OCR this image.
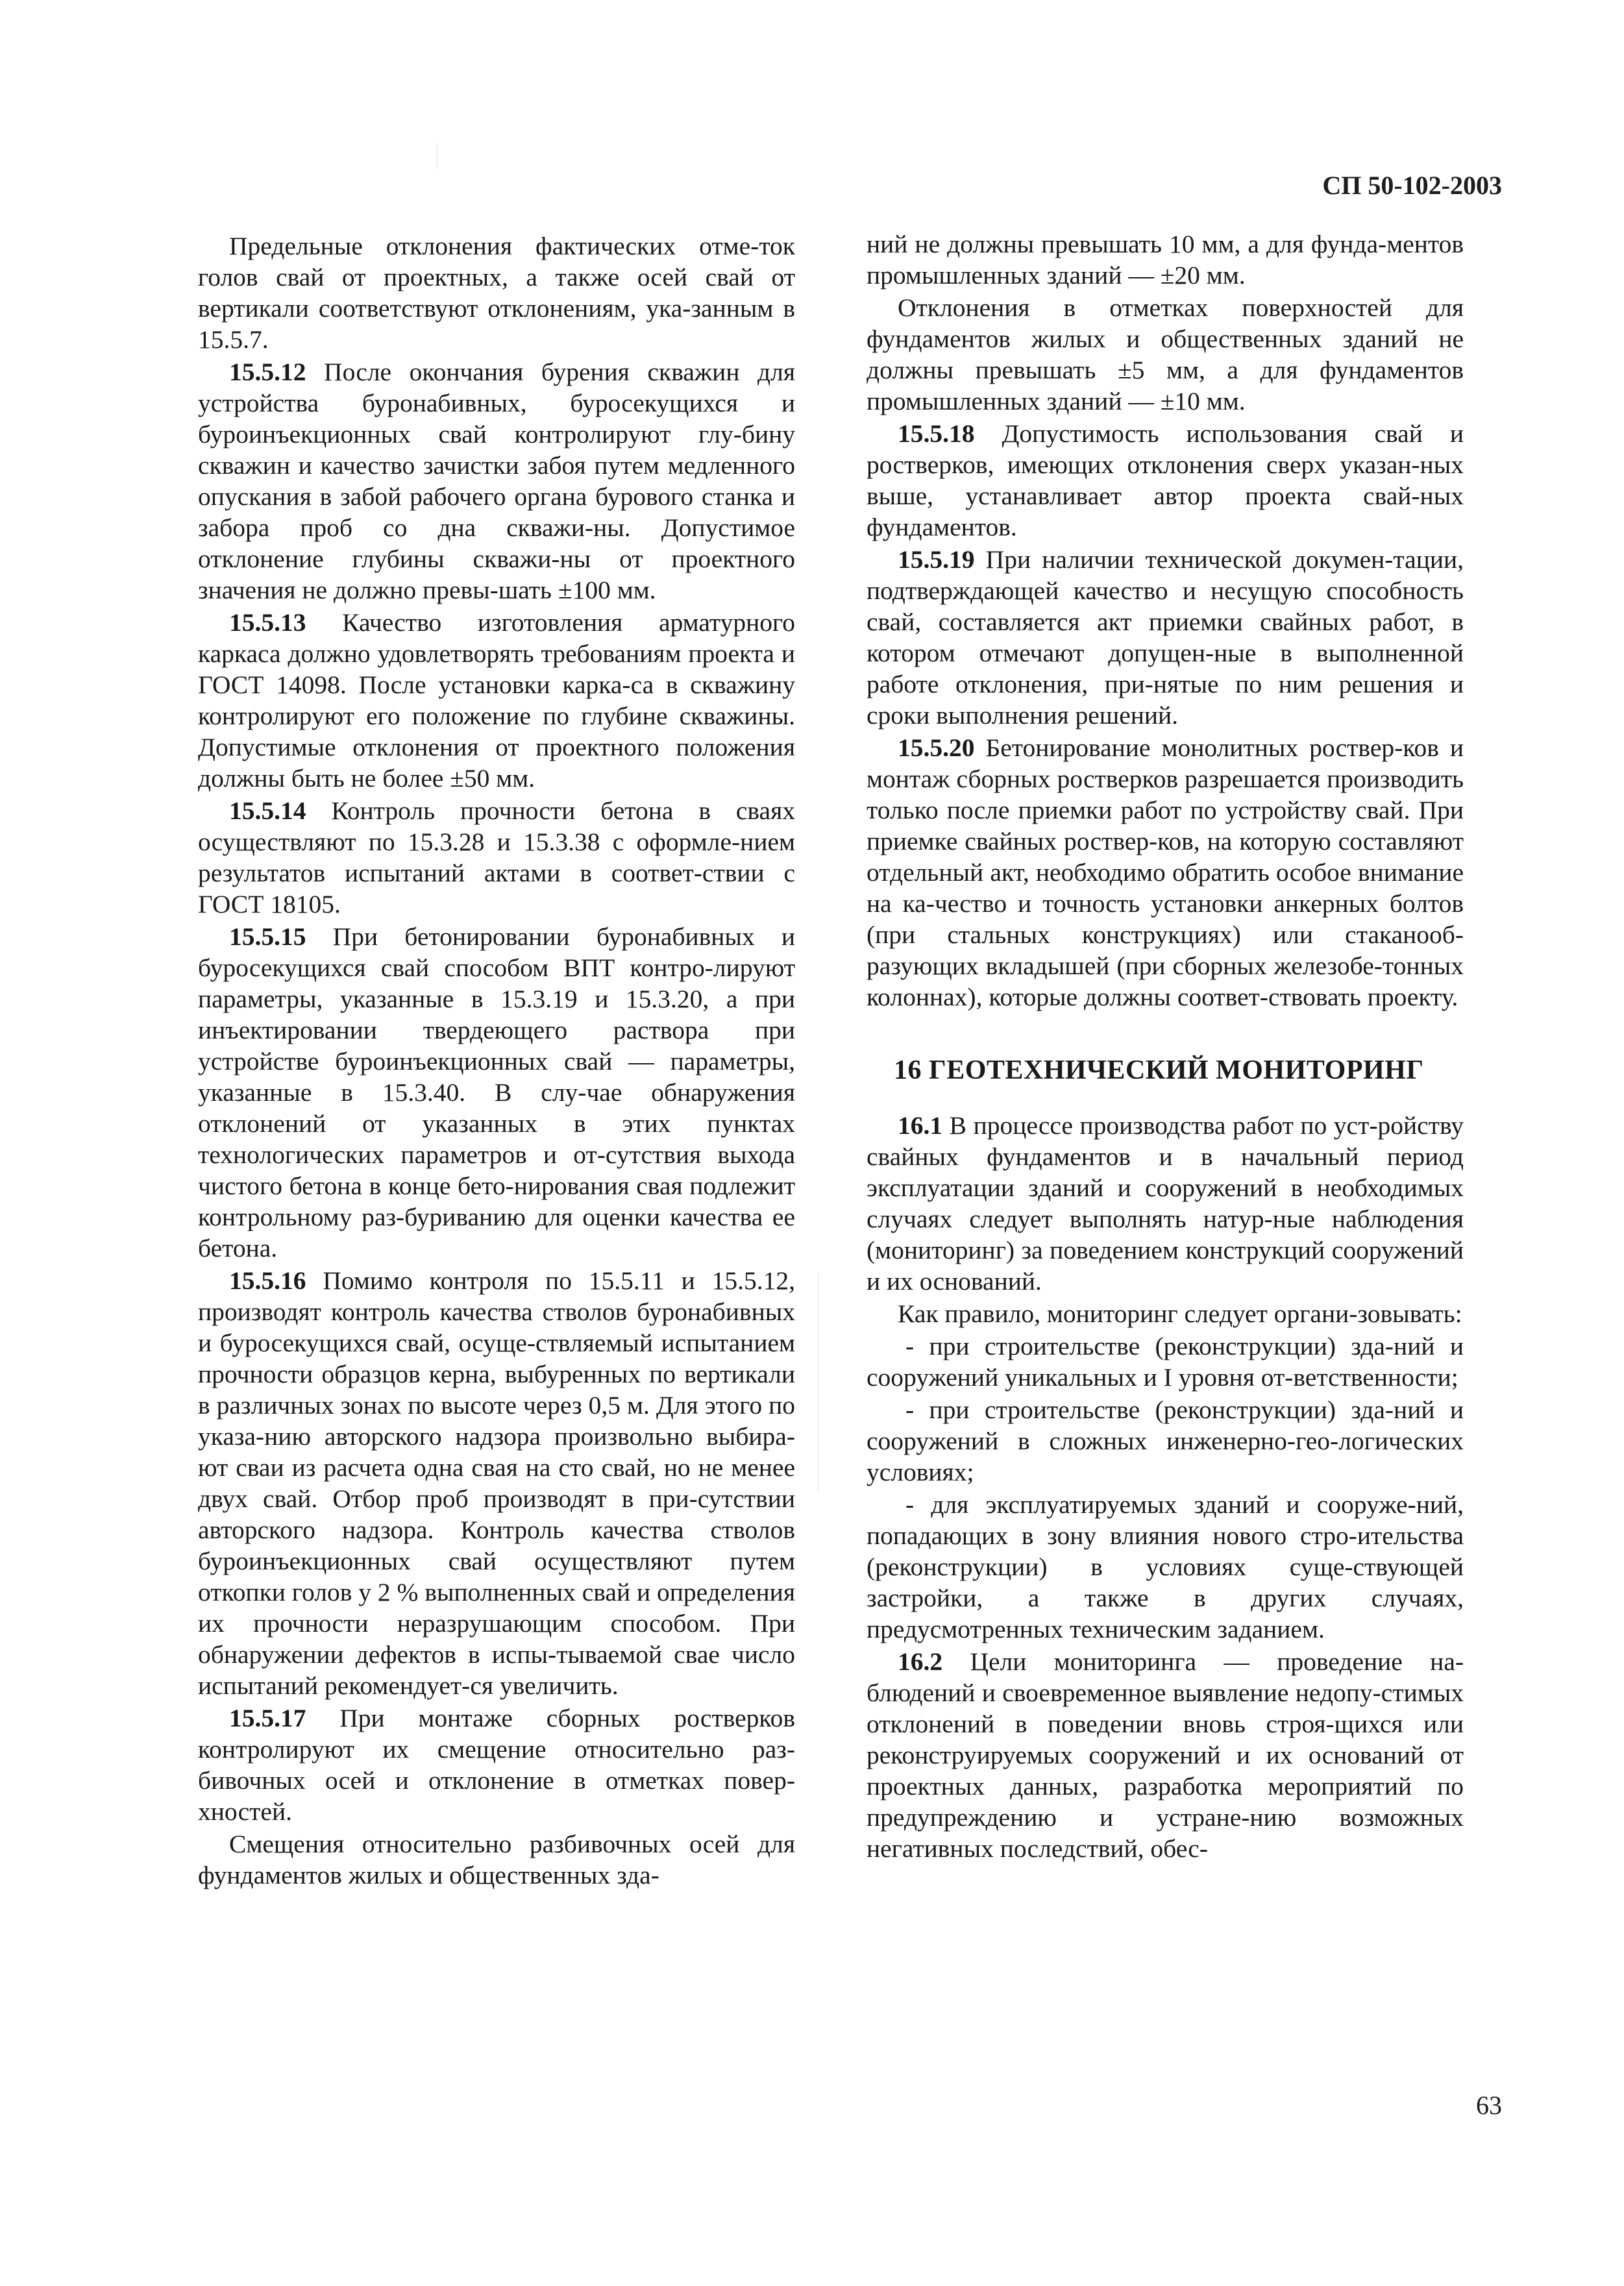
СП 50-102-2003

Предельные отклонения фактических отме-ток голов свай от проектных, а также осей свай от вертикали соответствуют отклонениям, ука-занным в 15.5.7.

15.5.12 После окончания бурения скважин для устройства буронабивных, буросекущихся и буроинъекционных свай контролируют глу-бину скважин и качество зачистки забоя путем медленного опускания в забой рабочего органа бурового станка и забора проб со дна скважи-ны. Допустимое отклонение глубины скважи-ны от проектного значения не должно превы-шать ±100 мм.

15.5.13 Качество изготовления арматурного каркаса должно удовлетворять требованиям проекта и ГОСТ 14098. После установки карка-са в скважину контролируют его положение по глубине скважины. Допустимые отклонения от проектного положения должны быть не более ±50 мм.

15.5.14 Контроль прочности бетона в сваях осуществляют по 15.3.28 и 15.3.38 с оформле-нием результатов испытаний актами в соответ-ствии с ГОСТ 18105.

15.5.15 При бетонировании буронабивных и буросекущихся свай способом ВПТ контро-лируют параметры, указанные в 15.3.19 и 15.3.20, а при инъектировании твердеющего раствора при устройстве буроинъекционных свай — параметры, указанные в 15.3.40. В слу-чае обнаружения отклонений от указанных в этих пунктах технологических параметров и от-сутствия выхода чистого бетона в конце бето-нирования свая подлежит контрольному раз-буриванию для оценки качества ее бетона.

15.5.16 Помимо контроля по 15.5.11 и 15.5.12, производят контроль качества стволов буронабивных и буросекущихся свай, осуще-ствляемый испытанием прочности образцов керна, выбуренных по вертикали в различных зонах по высоте через 0,5 м. Для этого по указа-нию авторского надзора произвольно выбира-ют сваи из расчета одна свая на сто свай, но не менее двух свай. Отбор проб производят в при-сутствии авторского надзора. Контроль качества стволов буроинъекционных свай осуществляют путем откопки голов у 2 % выполненных свай и определения их прочности неразрушающим способом. При обнаружении дефектов в испы-тываемой свае число испытаний рекомендует-ся увеличить.

15.5.17 При монтаже сборных ростверков контролируют их смещение относительно раз-бивочных осей и отклонение в отметках повер-хностей.

Смещения относительно разбивочных осей для фундаментов жилых и общественных зда-

ний не должны превышать 10 мм, а для фунда-ментов промышленных зданий — ±20 мм.

Отклонения в отметках поверхностей для фундаментов жилых и общественных зданий не должны превышать ±5 мм, а для фундаментов промышленных зданий — ±10 мм.

15.5.18 Допустимость использования свай и ростверков, имеющих отклонения сверх указан-ных выше, устанавливает автор проекта свай-ных фундаментов.

15.5.19 При наличии технической докумен-тации, подтверждающей качество и несущую способность свай, составляется акт приемки свайных работ, в котором отмечают допущен-ные в выполненной работе отклонения, при-нятые по ним решения и сроки выполнения решений.

15.5.20 Бетонирование монолитных роствер-ков и монтаж сборных ростверков разрешается производить только после приемки работ по устройству свай. При приемке свайных роствер-ков, на которую составляют отдельный акт, необходимо обратить особое внимание на ка-чество и точность установки анкерных болтов (при стальных конструкциях) или стаканооб-разующих вкладышей (при сборных железобе-тонных колоннах), которые должны соответ-ствовать проекту.

16 ГЕОТЕХНИЧЕСКИЙ МОНИТОРИНГ

16.1 В процессе производства работ по уст-ройству свайных фундаментов и в начальный период эксплуатации зданий и сооружений в необходимых случаях следует выполнять натур-ные наблюдения (мониторинг) за поведением конструкций сооружений и их оснований.

Как правило, мониторинг следует органи-зовывать:

- при строительстве (реконструкции) зда-ний и сооружений уникальных и I уровня от-ветственности;

- при строительстве (реконструкции) зда-ний и сооружений в сложных инженерно-гео-логических условиях;

- для эксплуатируемых зданий и сооруже-ний, попадающих в зону влияния нового стро-ительства (реконструкции) в условиях суще-ствующей застройки, а также в других случаях, предусмотренных техническим заданием.

16.2 Цели мониторинга — проведение на-блюдений и своевременное выявление недопу-стимых отклонений в поведении вновь строя-щихся или реконструируемых сооружений и их оснований от проектных данных, разработка мероприятий по предупреждению и устране-нию возможных негативных последствий, обес-

63
